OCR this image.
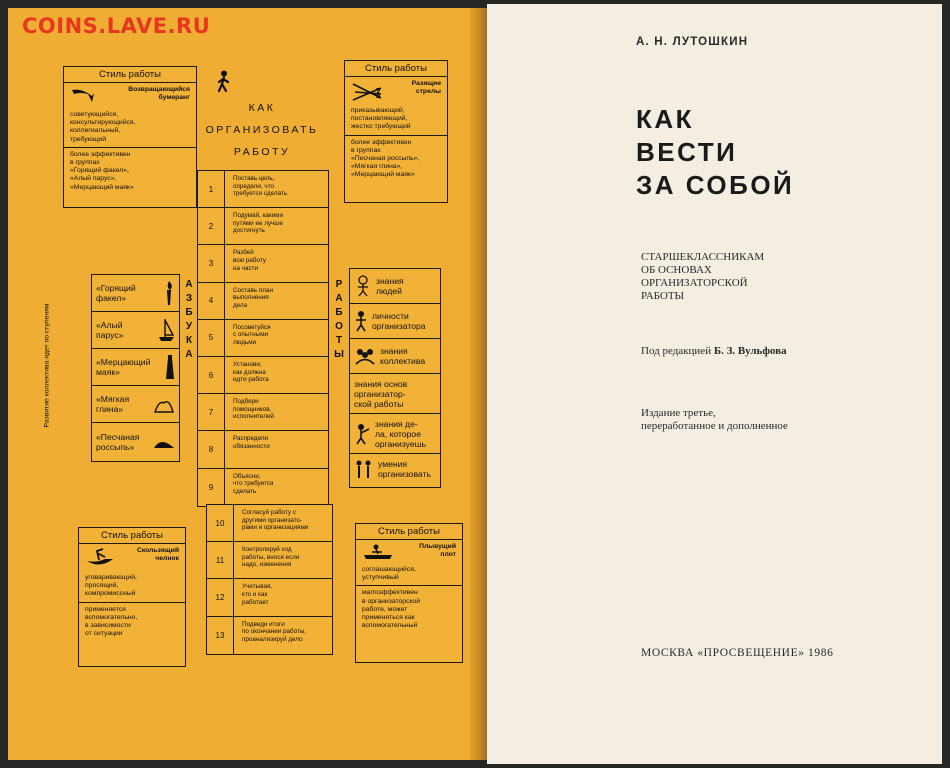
COINS.LAVE.RU
КАК
ОРГАНИЗОВАТЬ
РАБОТУ
Стиль работы
Возвращающийся
бумеранг
советующийся,
консультирующийся,
коллегиальный,
требующий
более эффективен
в группах
«Горящий факел»,
«Алый парус»,
«Мерцающий маяк»
Стиль работы
Разящие
стрелы
приказывающий,
постановляющий,
жестко требующий
более эффективен
в группах
«Песчаная россыпь»,
«Мягкая глина»,
«Мерцающий маяк»
1
Поставь цель,
определи, что
требуется сделать
2
Подумай, какими
путями ее лучше
достигнуть
3
Разбей
всю работу
на части
4
Составь план
выполнения
дела
5
Посоветуйся
с опытными
людьми
6
Установи,
как должна
идти работа
7
Подбери
помощников,
исполнителей
8
Распредели
обязанности
9
Объясни,
что требуется
сделать
10
Согласуй работу с
другими организато-
рами и организациями
11
Контролируй ход
работы, внося если
надо, изменения
12
Учитывая,
кто и как
работает
13
Подведи итоги
по окончании работы,
проанализируй дело
А
З
Б
У
К
А
Р
А
Б
О
Т
Ы
Развитие коллектива идет по ступеням
«Горящий
факел»
«Алый
парус»
«Мерцающий
маяк»
«Мягкая
глина»
«Песчаная
россыпь»
знания
людей
личности
организатора
знания
коллектива
знания основ
организатор-
ской работы
знания де-
ла, которое
организуешь
умения
организовать
Стиль работы
Скользящий
челнок
уговаривающий,
просящий,
компромиссный
применяется
вспомогательно,
в зависимости
от ситуации
Стиль работы
Плывущий
плот
соглашающийся,
уступчивый
малоэффективен
в организаторской
работе, может
применяться как
вспомогательный
А. Н. ЛУТОШКИН
КАК
ВЕСТИ
ЗА СОБОЙ
СТАРШЕКЛАССНИКАМ
ОБ ОСНОВАХ
ОРГАНИЗАТОРСКОЙ
РАБОТЫ
Под редакцией Б. З. Вульфова
Издание третье,
переработанное и дополненное
МОСКВА «ПРОСВЕЩЕНИЕ» 1986
